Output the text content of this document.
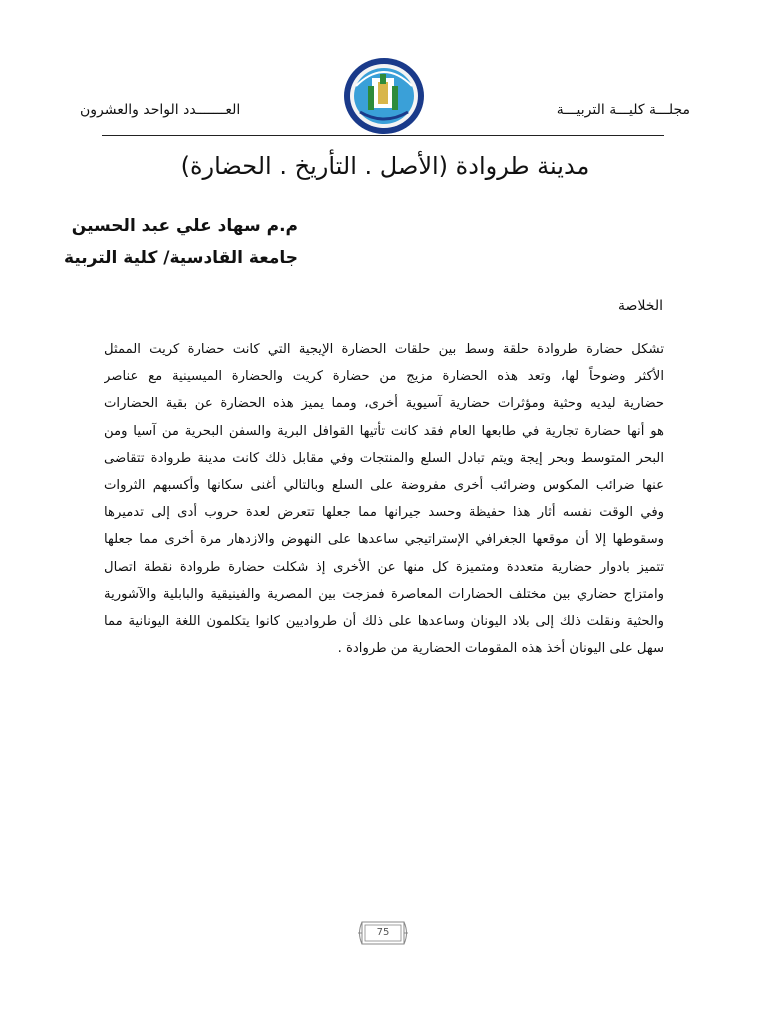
مجلـــة كليـــة التربيـــة
العـــــــدد الواحد والعشرون
مدينة طروادة (الأصل . التأريخ . الحضارة)
م.م سهاد علي عبد الحسين
جامعة القادسية/ كلية التربية
الخلاصة
تشكل حضارة طروادة حلقة وسط بين حلقات الحضارة الإيجية التي كانت حضارة كريت الممثل
الأكثر وضوحاً لها، وتعد هذه الحضارة مزيج من حضارة كريت والحضارة الميسينية مع عناصر
حضارية ليديه وحثية ومؤثرات حضارية آسيوية أخرى، ومما يميز هذه الحضارة عن بقية الحضارات
هو أنها حضارة تجارية في طابعها العام فقد كانت تأتيها القوافل البرية والسفن البحرية من آسيا ومن
البحر المتوسط وبحر إيجة ويتم تبادل السلع والمنتجات وفي مقابل ذلك كانت مدينة طروادة تتقاضى
عنها ضرائب المكوس وضرائب أخرى مفروضة على السلع وبالتالي أغنى سكانها وأكسبهم الثروات
وفي الوقت نفسه أثار هذا حفيظة وحسد جيرانها مما جعلها تتعرض لعدة حروب أدى إلى تدميرها
وسقوطها إلا أن موقعها الجغرافي الإستراتيجي ساعدها على النهوض والازدهار مرة أخرى مما جعلها
تتميز بادوار حضارية متعددة ومتميزة كل منها عن الأخرى إذ شكلت حضارة طروادة نقطة اتصال
وامتزاج حضاري بين مختلف الحضارات المعاصرة فمزجت بين المصرية والفينيقية والبابلية والآشورية
والحثية ونقلت ذلك إلى بلاد اليونان وساعدها على ذلك أن طرواديين كانوا يتكلمون اللغة اليونانية مما
سهل على اليونان أخذ هذه المقومات الحضارية من طروادة .
75
